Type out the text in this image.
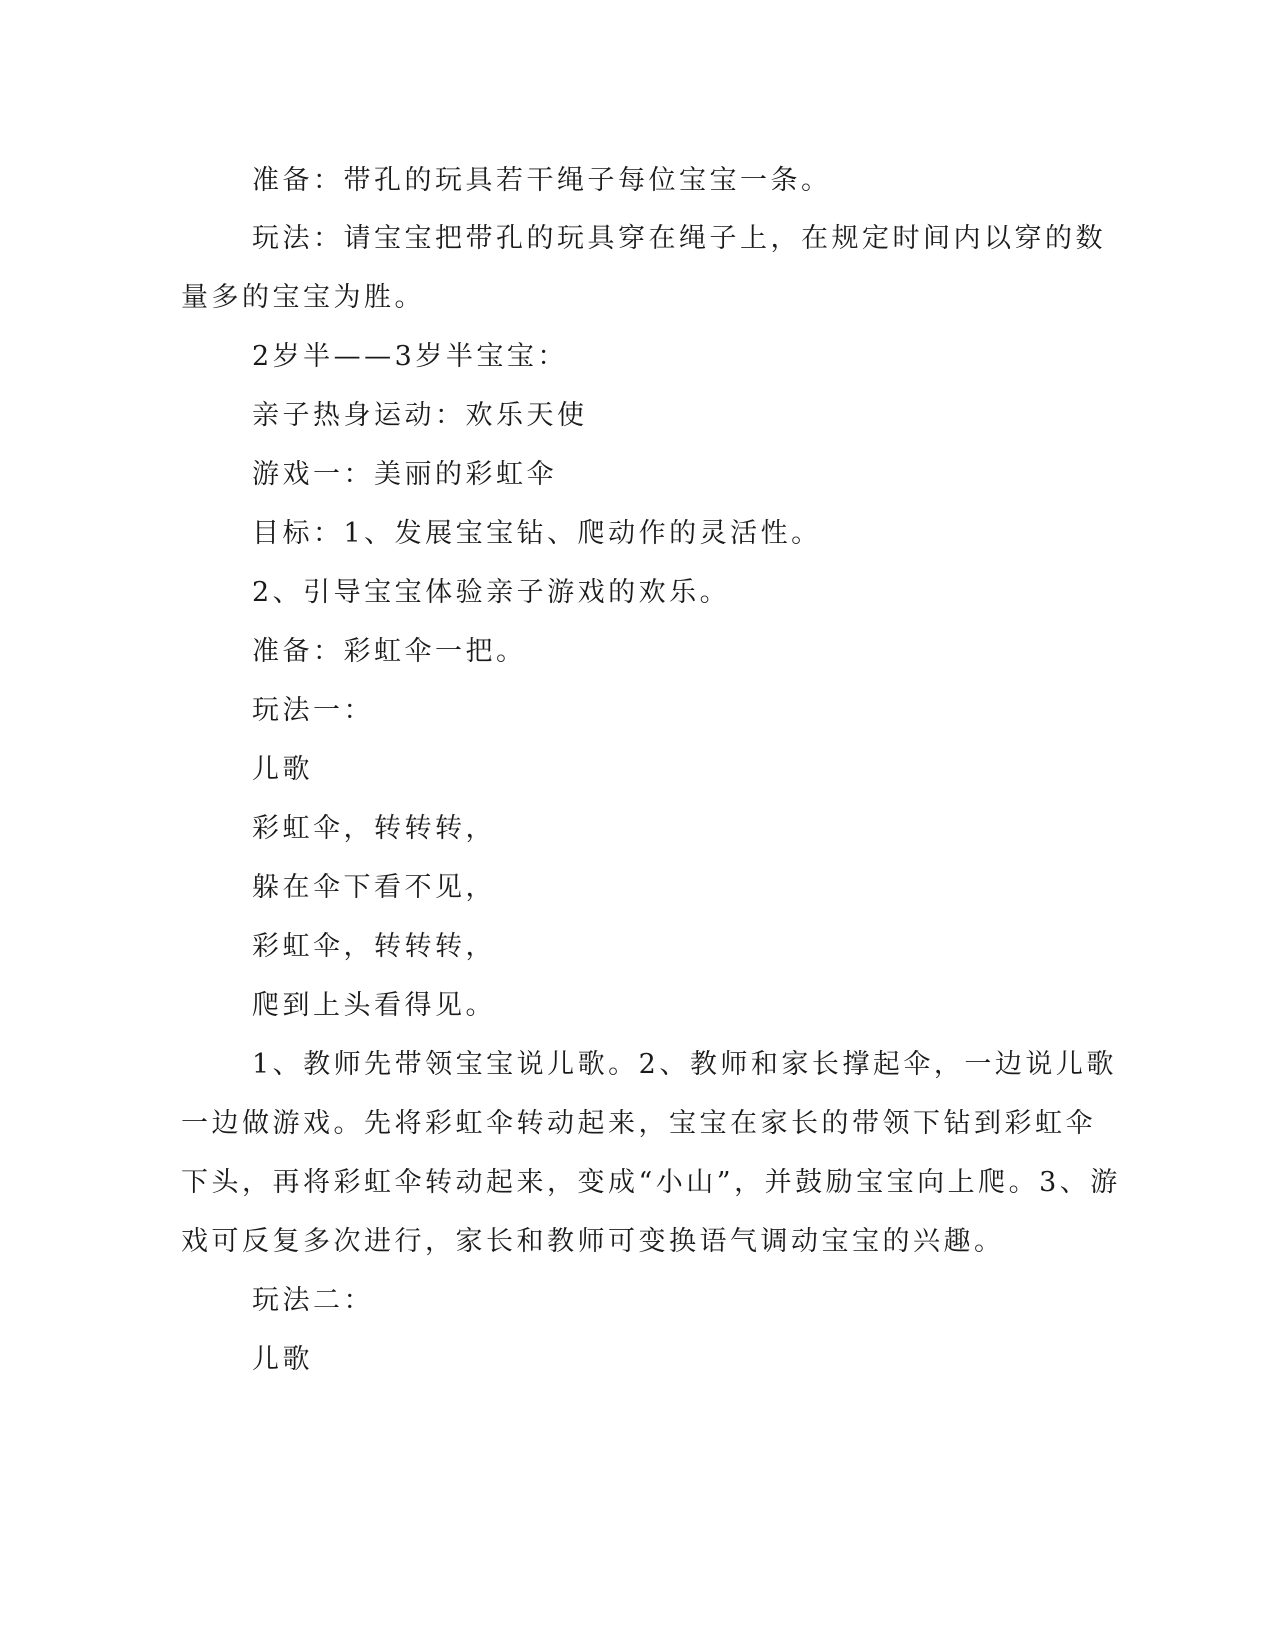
准备：带孔的玩具若干绳子每位宝宝一条。
玩法：请宝宝把带孔的玩具穿在绳子上，在规定时间内以穿的数
量多的宝宝为胜。
2岁半——3岁半宝宝：
亲子热身运动：欢乐天使
游戏一：美丽的彩虹伞
目标：1、发展宝宝钻、爬动作的灵活性。
2、引导宝宝体验亲子游戏的欢乐。
准备：彩虹伞一把。
玩法一：
儿歌
彩虹伞，转转转，
躲在伞下看不见，
彩虹伞，转转转，
爬到上头看得见。
1、教师先带领宝宝说儿歌。2、教师和家长撑起伞，一边说儿歌
一边做游戏。先将彩虹伞转动起来，宝宝在家长的带领下钻到彩虹伞
下头，再将彩虹伞转动起来，变成“小山”，并鼓励宝宝向上爬。3、游
戏可反复多次进行，家长和教师可变换语气调动宝宝的兴趣。
玩法二：
儿歌
